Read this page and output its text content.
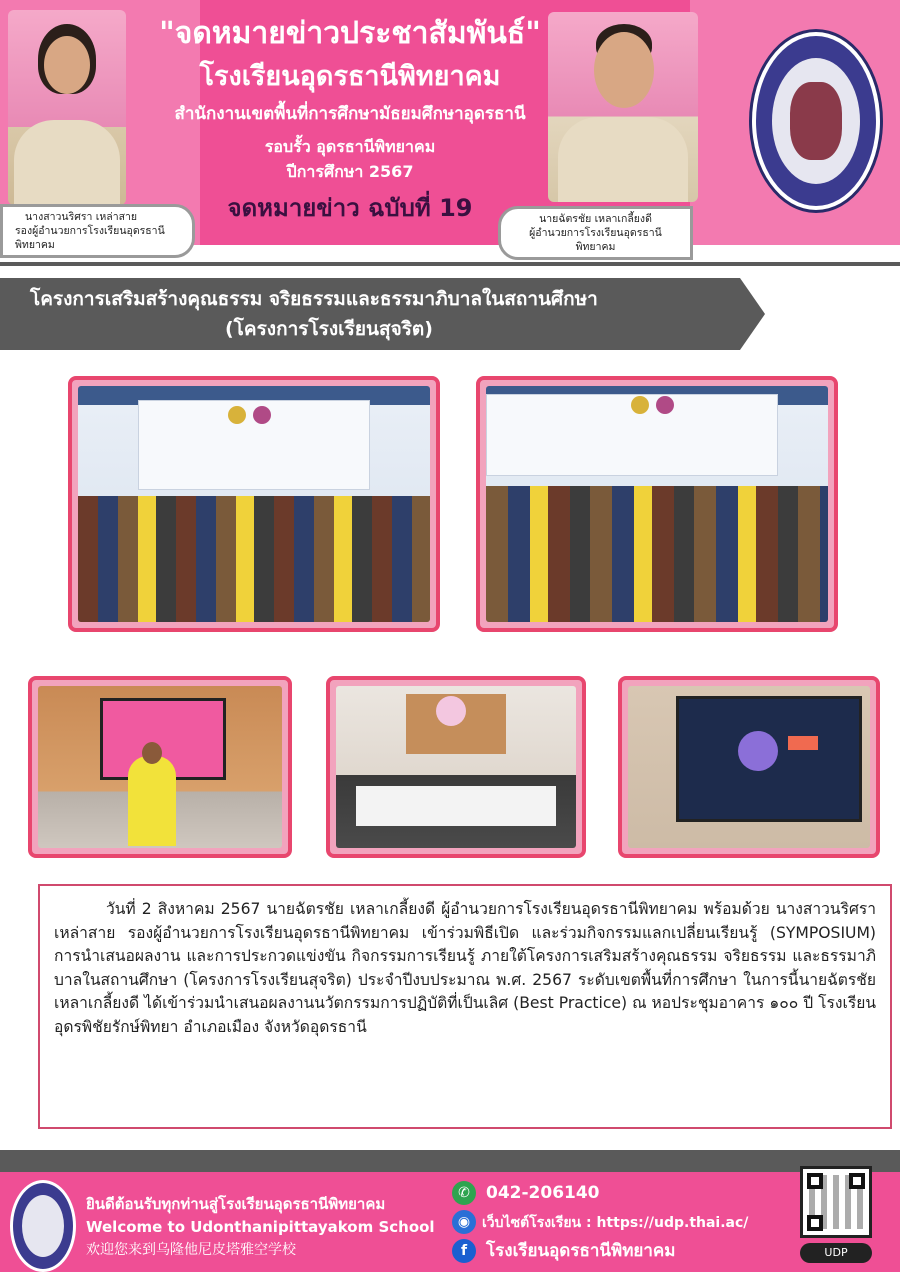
นางสาวนริศรา เหล่าสาย
รองผู้อำนวยการโรงเรียนอุดรธานีพิทยาคม
นายฉัตรชัย เหลาเกลี้ยงดี
ผู้อำนวยการโรงเรียนอุดรธานีพิทยาคม
"จดหมายข่าวประชาสัมพันธ์"
โรงเรียนอุดรธานีพิทยาคม
สำนักงานเขตพื้นที่การศึกษามัธยมศึกษาอุดรธานี
รอบรั้ว อุดรธานีพิทยาคม
ปีการศึกษา 2567
จดหมายข่าว ฉบับที่ 19
โครงการเสริมสร้างคุณธรรม จริยธรรมและธรรมาภิบาลในสถานศึกษา
(โครงการโรงเรียนสุจริต)
วันที่ 2 สิงหาคม 2567 นายฉัตรชัย เหลาเกลี้ยงดี ผู้อำนวยการโรงเรียนอุดรธานีพิทยาคม พร้อมด้วย นางสาวนริศรา เหล่าสาย รองผู้อำนวยการโรงเรียนอุดรธานีพิทยาคม เข้าร่วมพิธีเปิด และร่วมกิจกรรมแลกเปลี่ยนเรียนรู้ (SYMPOSIUM) การนำเสนอผลงาน และการประกวดแข่งขัน กิจกรรมการเรียนรู้ ภายใต้โครงการเสริมสร้างคุณธรรม จริยธรรม และธรรมาภิบาลในสถานศึกษา (โครงการโรงเรียนสุจริต) ประจำปีงบประมาณ พ.ศ. 2567 ระดับเขตพื้นที่การศึกษา ในการนี้นายฉัตรชัย เหลาเกลี้ยงดี ได้เข้าร่วมนำเสนอผลงานนวัตกรรมการปฏิบัติที่เป็นเลิศ (Best Practice) ณ หอประชุมอาคาร ๑๐๐ ปี โรงเรียนอุดรพิชัยรักษ์พิทยา อำเภอเมือง จังหวัดอุดรธานี
ยินดีต้อนรับทุกท่านสู่โรงเรียนอุดรธานีพิทยาคม
Welcome to Udonthanipittayakom School
欢迎您来到乌隆他尼皮塔雅空学校
✆ 042-206140
◉ เว็บไซต์โรงเรียน : https://udp.thai.ac/
f	โรงเรียนอุดรธานีพิทยาคม	UDP
